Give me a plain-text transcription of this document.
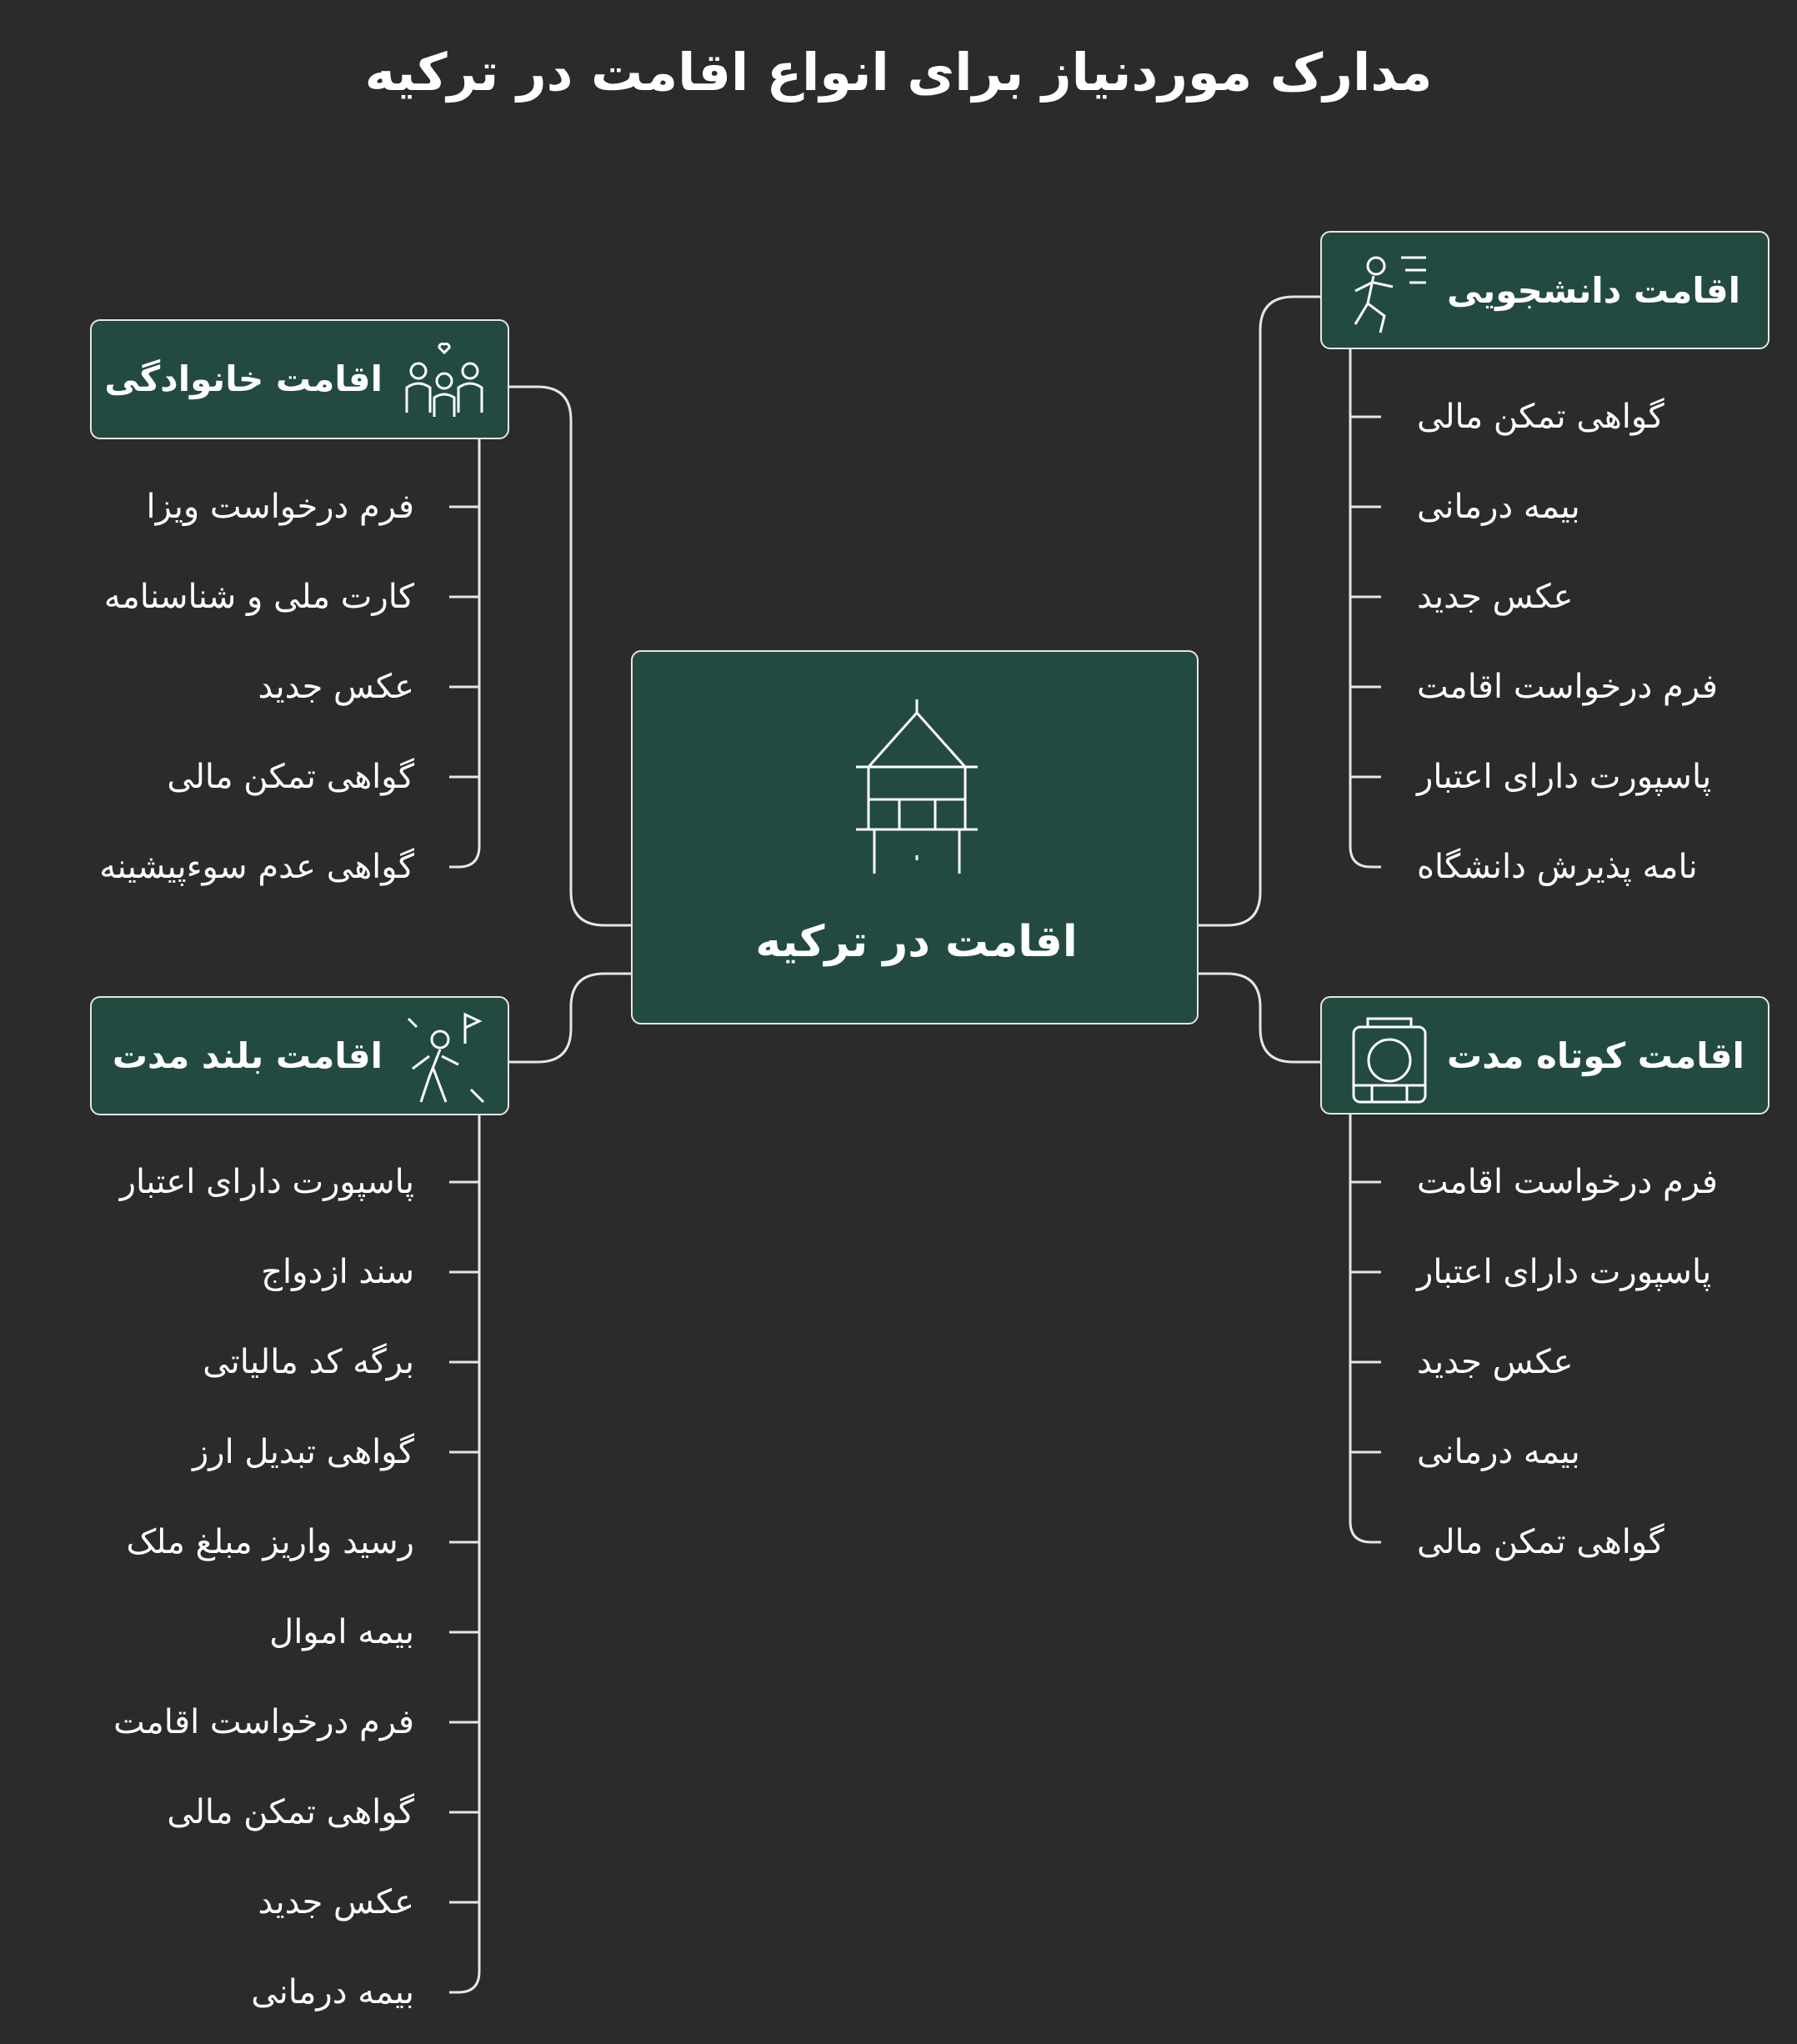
مدارک موردنیاز برای انواع اقامت در ترکیه
اقامت در ترکیه
اقامت خانوادگی
اقامت بلند مدت
اقامت دانشجویی
اقامت کوتاه مدت
فرم درخواست ویزا
کارت ملی و شناسنامه
عکس جدید
گواهی تمکن مالی
گواهی عدم سوءپیشینه
پاسپورت دارای اعتبار
سند ازدواج
برگه کد مالیاتی
گواهی تبدیل ارز
رسید واریز مبلغ ملک
بیمه اموال
فرم درخواست اقامت
گواهی تمکن مالی
عکس جدید
بیمه درمانی
گواهی تمکن مالی
بیمه درمانی
عکس جدید
فرم درخواست اقامت
پاسپورت دارای اعتبار
نامه پذیرش دانشگاه
فرم درخواست اقامت
پاسپورت دارای اعتبار
عکس جدید
بیمه درمانی
گواهی تمکن مالی
